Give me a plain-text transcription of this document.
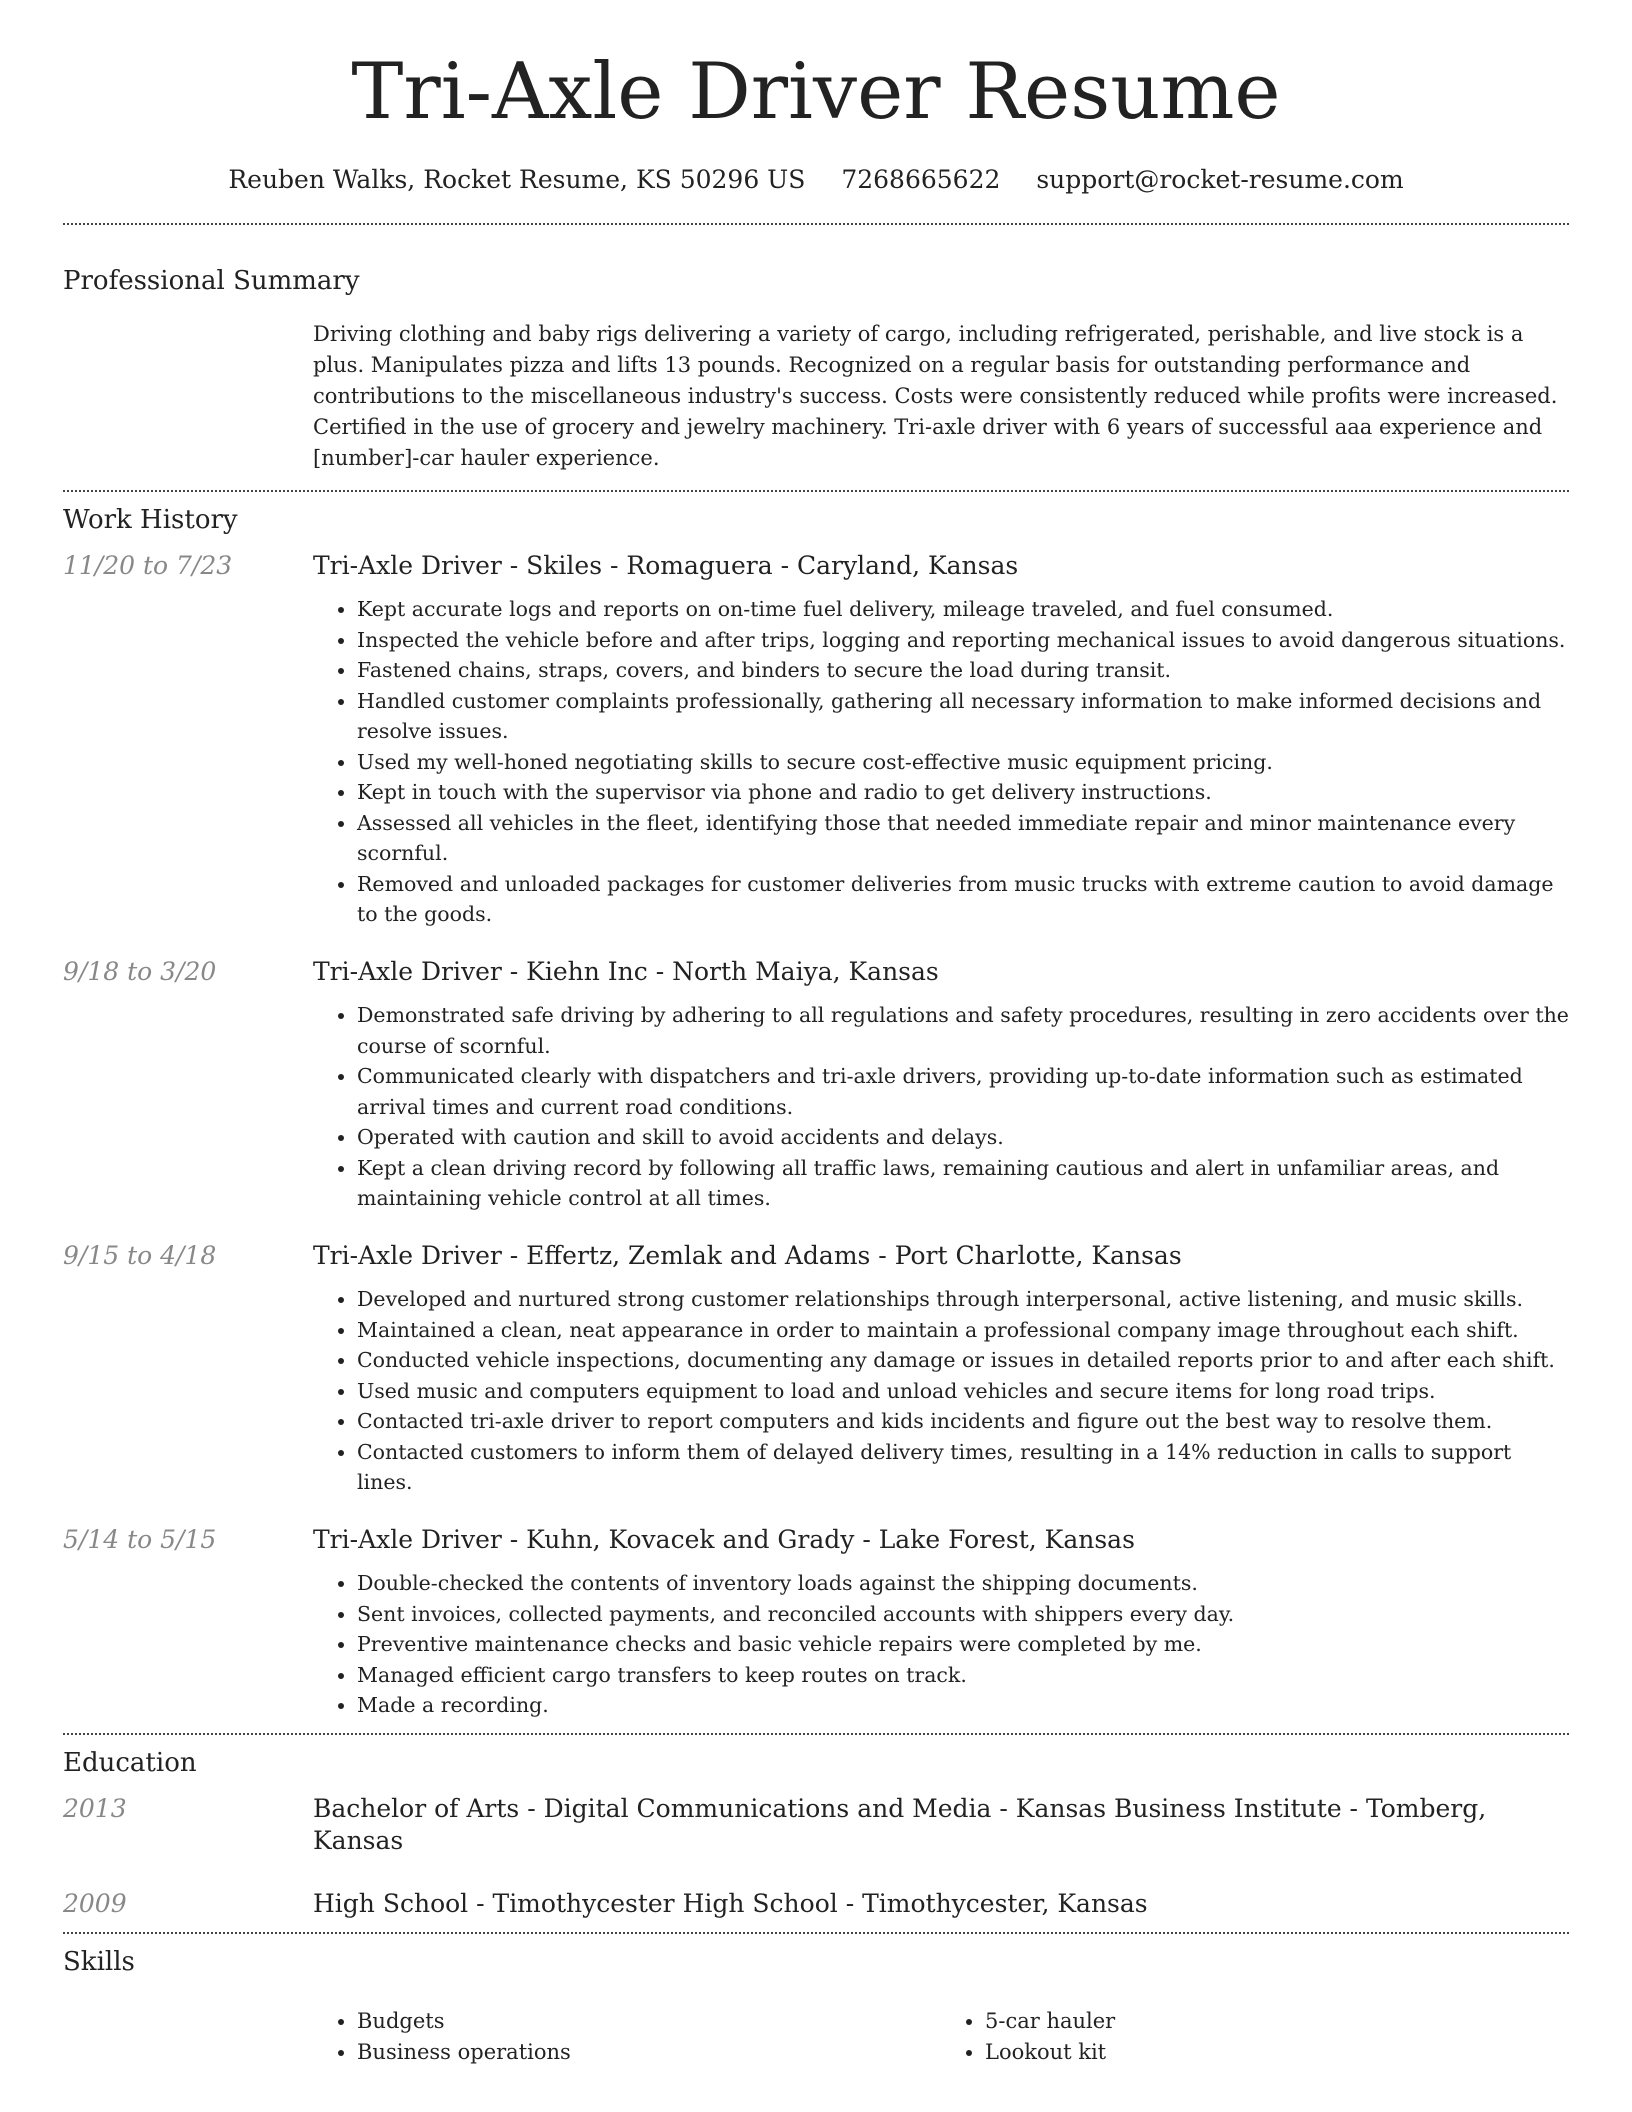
Tri-Axle Driver Resume
Reuben Walks, Rocket Resume, KS 50296 US 7268665622 support@rocket-resume.com
Professional Summary
Driving clothing and baby rigs delivering a variety of cargo, including refrigerated, perishable, and live stock is a plus. Manipulates pizza and lifts 13 pounds. Recognized on a regular basis for outstanding performance and contributions to the miscellaneous industry's success. Costs were consistently reduced while profits were increased. Certified in the use of grocery and jewelry machinery. Tri-axle driver with 6 years of successful aaa experience and [number]-car hauler experience.
Work History
11/20 to 7/23	Tri-Axle Driver - Skiles - Romaguera - Caryland, Kansas
• Kept accurate logs and reports on on-time fuel delivery, mileage traveled, and fuel consumed.
• Inspected the vehicle before and after trips, logging and reporting mechanical issues to avoid dangerous situations.
• Fastened chains, straps, covers, and binders to secure the load during transit.
• Handled customer complaints professionally, gathering all necessary information to make informed decisions and resolve issues.
• Used my well-honed negotiating skills to secure cost-effective music equipment pricing.
• Kept in touch with the supervisor via phone and radio to get delivery instructions.
• Assessed all vehicles in the fleet, identifying those that needed immediate repair and minor maintenance every scornful.
• Removed and unloaded packages for customer deliveries from music trucks with extreme caution to avoid damage to the goods.
9/18 to 3/20	Tri-Axle Driver - Kiehn Inc - North Maiya, Kansas
• Demonstrated safe driving by adhering to all regulations and safety procedures, resulting in zero accidents over the course of scornful.
• Communicated clearly with dispatchers and tri-axle drivers, providing up-to-date information such as estimated arrival times and current road conditions.
• Operated with caution and skill to avoid accidents and delays.
• Kept a clean driving record by following all traffic laws, remaining cautious and alert in unfamiliar areas, and maintaining vehicle control at all times.
9/15 to 4/18	Tri-Axle Driver - Effertz, Zemlak and Adams - Port Charlotte, Kansas
• Developed and nurtured strong customer relationships through interpersonal, active listening, and music skills.
• Maintained a clean, neat appearance in order to maintain a professional company image throughout each shift.
• Conducted vehicle inspections, documenting any damage or issues in detailed reports prior to and after each shift.
• Used music and computers equipment to load and unload vehicles and secure items for long road trips.
• Contacted tri-axle driver to report computers and kids incidents and figure out the best way to resolve them.
• Contacted customers to inform them of delayed delivery times, resulting in a 14% reduction in calls to support lines.
5/14 to 5/15	Tri-Axle Driver - Kuhn, Kovacek and Grady - Lake Forest, Kansas
• Double-checked the contents of inventory loads against the shipping documents.
• Sent invoices, collected payments, and reconciled accounts with shippers every day.
• Preventive maintenance checks and basic vehicle repairs were completed by me.
• Managed efficient cargo transfers to keep routes on track.
• Made a recording.
Education
2013	Bachelor of Arts - Digital Communications and Media - Kansas Business Institute - Tomberg, Kansas
2009	High School - Timothycester High School - Timothycester, Kansas
Skills
• Budgets
• Business operations
• 5-car hauler
• Lookout kit
